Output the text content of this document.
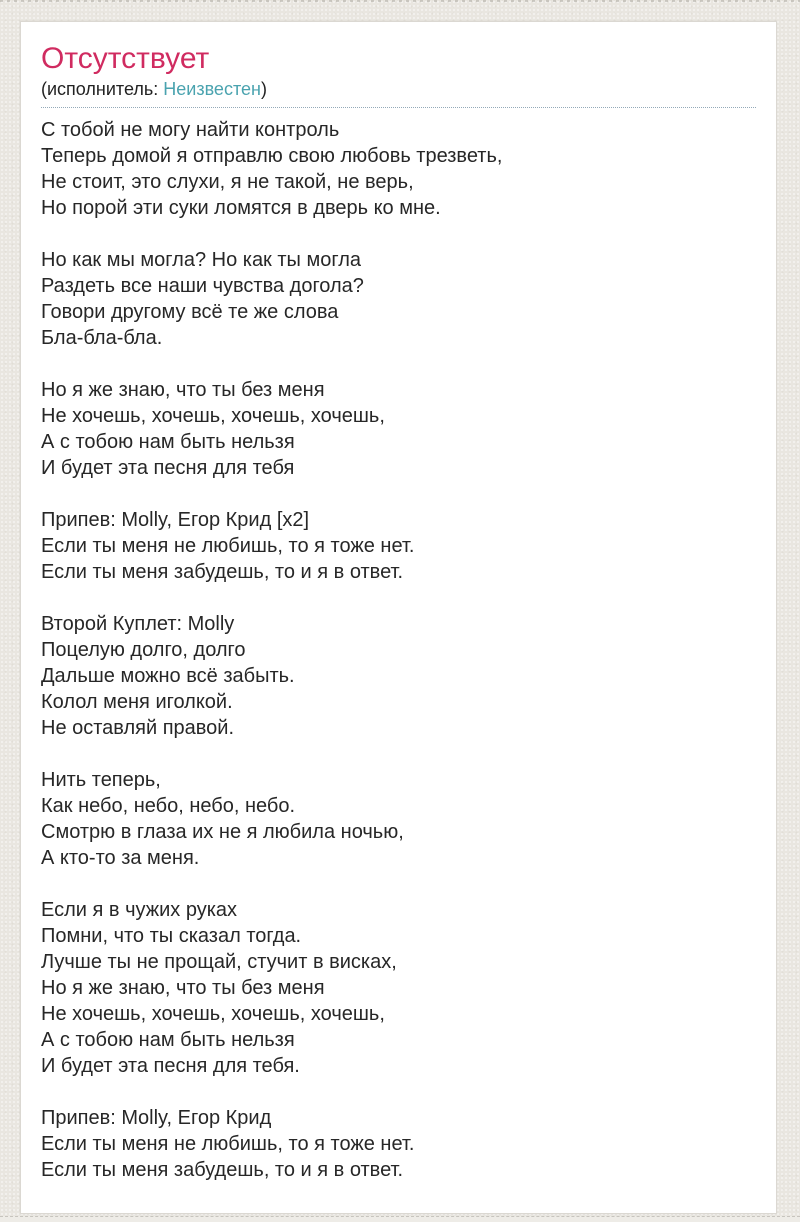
Отсутствует
(исполнитель: Неизвестен)

С тобой не могу найти контроль
Теперь домой я отправлю свою любовь трезветь,
Не стоит, это слухи, я не такой, не верь,
Но порой эти суки ломятся в дверь ко мне.

Но как мы могла? Но как ты могла
Раздеть все наши чувства догола?
Говори другому всё те же слова
Бла-бла-бла.

Но я же знаю, что ты без меня
Не хочешь, хочешь, хочешь, хочешь,
А с тобою нам быть нельзя
И будет эта песня для тебя

Припев: Molly, Егор Крид [x2]
Если ты меня не любишь, то я тоже нет.
Если ты меня забудешь, то и я в ответ.

Второй Куплет: Molly
Поцелую долго, долго
Дальше можно всё забыть.
Колол меня иголкой.
Не оставляй правой.

Нить теперь,
Как небо, небо, небо, небо.
Смотрю в глаза их не я любила ночью,
А кто-то за меня.

Если я в чужих руках
Помни, что ты сказал тогда.
Лучше ты не прощай, стучит в висках,
Но я же знаю, что ты без меня
Не хочешь, хочешь, хочешь, хочешь,
А с тобою нам быть нельзя
И будет эта песня для тебя.

Припев: Molly, Егор Крид
Если ты меня не любишь, то я тоже нет.
Если ты меня забудешь, то и я в ответ.
